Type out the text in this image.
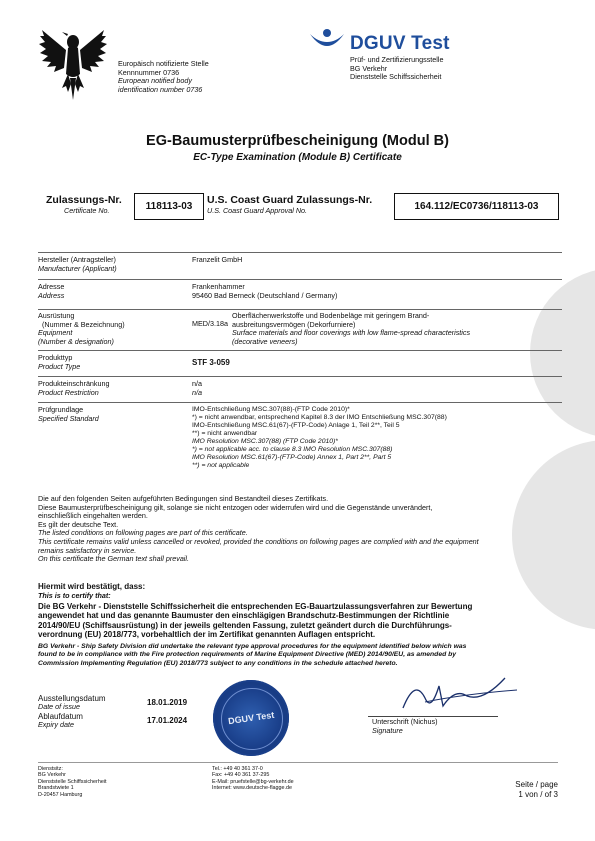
Europäisch notifizierte Stelle
Kennnummer 0736
European notified body
identification number 0736
DGUV Test
Prüf- und Zertifizierungsstelle
BG Verkehr
Dienststelle Schiffssicherheit
EG-Baumusterprüfbescheinigung (Modul B)
EC-Type Examination (Module B) Certificate
Zulassungs-Nr.
Certificate No.	118113-03
U.S. Coast Guard Zulassungs-Nr.
U.S. Coast Guard Approval No.	164.112/EC0736/118113-03
Hersteller (Antragsteller)
Manufacturer (Applicant)
Franzelit GmbH
Adresse
Address
Frankenhammer
95460 Bad Berneck (Deutschland / Germany)
Ausrüstung
(Nummer & Bezeichnung)
Equipment
(Number & designation)
MED/3.18a
Oberflächenwerkstoffe und Bodenbeläge mit geringem Brand-
ausbreitungsvermögen (Dekorfurniere)
Surface materials and floor coverings with low flame-spread characteristics
(decorative veneers)
Produkttyp
Product Type	STF 3-059
Produkteinschränkung
Product Restriction
n/a
n/a
Prüfgrundlage
Specified Standard
IMO-Entschließung MSC.307(88)-(FTP Code 2010)*
*) = nicht anwendbar, entsprechend Kapitel 8.3 der IMO Entschließung MSC.307(88)
IMO-Entschließung MSC.61(67)-(FTP-Code) Anlage 1, Teil 2**, Teil 5
**) = nicht anwendbar
IMO Resolution MSC.307(88) (FTP Code 2010)*
*) = not applicable acc. to clause 8.3 IMO Resolution MSC.307(88)
IMO Resolution MSC.61(67)-(FTP-Code) Annex 1, Part 2**, Part 5
**) = not applicable
Die auf den folgenden Seiten aufgeführten Bedingungen sind Bestandteil dieses Zertifikats.
Diese Baumusterprüfbescheinigung gilt, solange sie nicht entzogen oder widerrufen wird und die Gegenstände unverändert,
einschließlich eingehalten werden.
Es gilt der deutsche Text.
The listed conditions on following pages are part of this certificate.
This certificate remains valid unless cancelled or revoked, provided the conditions on following pages are complied with and the equipment
remains satisfactory in service.
On this certificate the German text shall prevail.
Hiermit wird bestätigt, dass:
This is to certify that:
Die BG Verkehr - Dienststelle Schiffssicherheit die entsprechenden EG-Bauartzulassungsverfahren zur Bewertung
angewendet hat und das genannte Baumuster den einschlägigen Brandschutz-Bestimmungen der Richtlinie
2014/90/EU (Schiffsausrüstung) in der jeweils geltenden Fassung, zuletzt geändert durch die Durchführungs-
verordnung (EU) 2018/773, vorbehaltlich der im Zertifikat genannten Auflagen entspricht.
BG Verkehr - Ship Safety Division did undertake the relevant type approval procedures for the equipment identified below which was
found to be in compliance with the Fire protection requirements of Marine Equipment Directive (MED) 2014/90/EU, as amended by
Commission Implementing Regulation (EU) 2018/773 subject to any conditions in the schedule attached hereto.
Ausstellungsdatum
Date of issue	18.01.2019
Ablaufdatum
Expiry date	17.01.2024	DGUV Test	Unterschrift (Nichus)
Signature
Dienstsitz:
BG Verkehr
Dienststelle Schiffssicherheit
Brandstwiete 1
D-20457 Hamburg
Tel.: +49 40 361 37-0
Fax: +49 40 361 37-295
E-Mail: pruefstelle@bg-verkehr.de
Internet: www.deutsche-flagge.de	Seite / page
1 von / of 3
